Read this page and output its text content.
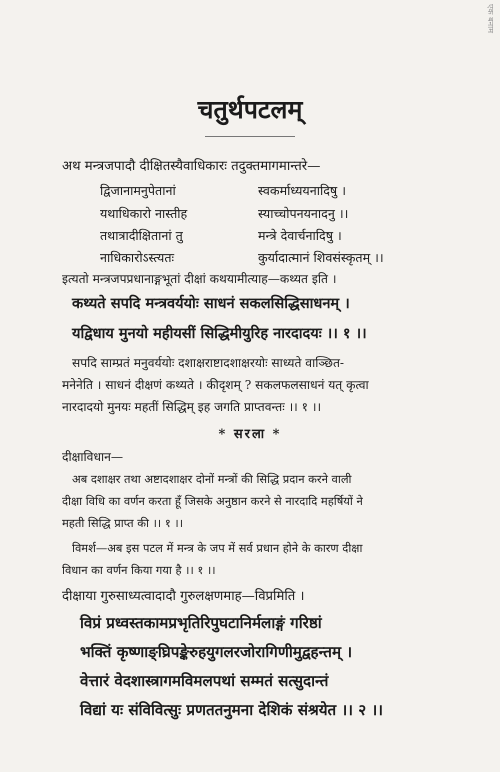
एक बनाम
चतुर्थपटलम्
अथ मन्त्रजपादौ दीक्षितस्यैवाधिकारः तदुक्तमागमान्तरे—
द्विजानामनुपेतानां	स्वकर्माध्ययनादिषु ।
यथाधिकारो नास्तीह	स्याच्चोपनयनादनु ।।
तथात्रादीक्षितानां तु	मन्त्रे देवार्चनादिषु ।
नाधिकारोऽस्त्यतः	कुर्यादात्मानं शिवसंस्कृतम् ।।
इत्यतो मन्त्रजपप्रधानाङ्गभूतां दीक्षां कथयामीत्याह—कथ्यत इति ।
कथ्यते सपदि मन्त्रवर्ययोः साधनं सकलसिद्धिसाधनम् ।
यद्विधाय मुनयो महीयसीं सिद्धिमीयुरिह नारदादयः ।। १ ।।
सपदि साम्प्रतं मनुवर्ययोः दशाक्षराष्टादशाक्षरयोः साध्यते वाञ्छित-
मनेनेति । साधनं दीक्षणं कथ्यते । कीदृशम् ? सकलफलसाधनं यत् कृत्वा
नारदादयो मुनयः महतीं सिद्धिम् इह जगति प्राप्तवन्तः ।। १ ।।
* सरला *
दीक्षाविधान—
अब दशाक्षर तथा अष्टादशाक्षर दोनों मन्त्रों की सिद्धि प्रदान करने वाली
दीक्षा विधि का वर्णन करता हूँ जिसके अनुष्ठान करने से नारदादि महर्षियों ने
महती सिद्धि प्राप्त की ।। १ ।।
विमर्श—अब इस पटल में मन्त्र के जप में सर्व प्रधान होने के कारण दीक्षा
विधान का वर्णन किया गया है ।। १ ।।
दीक्षाया गुरुसाध्यत्वादादौ गुरुलक्षणमाह—विप्रमिति ।
विप्रं प्रध्वस्तकामप्रभृतिरिपुघटानिर्मलाङ्गं गरिष्ठां
भक्तिं कृष्णाङ्घ्रिपङ्केरुहयुगलरजोरागिणीमुद्वहन्तम् ।
वेत्तारं वेदशास्त्रागमविमलपथां सम्मतं सत्सुदान्तं
विद्यां यः संविवित्सुः प्रणततनुमना देशिकं संश्रयेत ।। २ ।।
